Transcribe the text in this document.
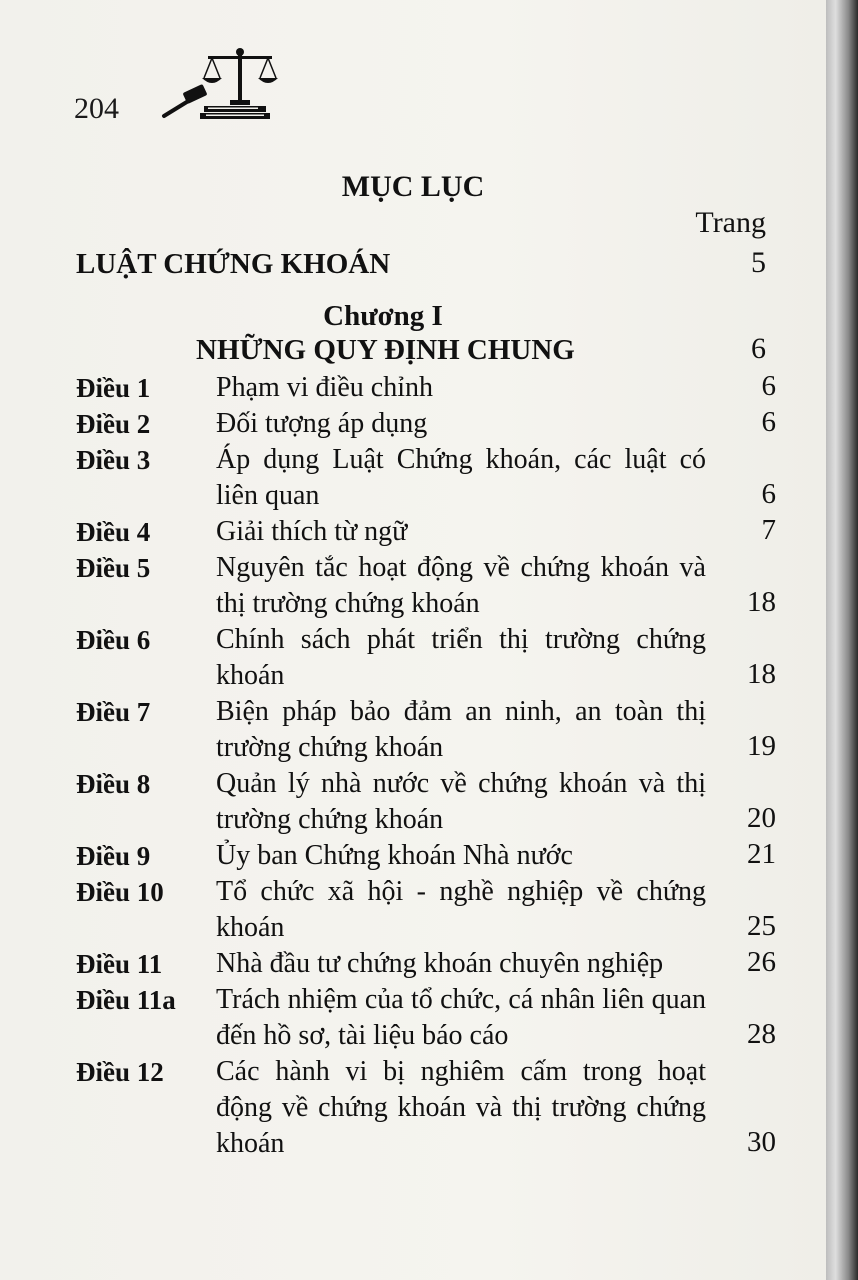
204
MỤC LỤC
Trang
LUẬT CHỨNG KHOÁN	5
Chương I
NHỮNG QUY ĐỊNH CHUNG	6
Điều 1	Phạm vi điều chỉnh	6
Điều 2	Đối tượng áp dụng	6
Điều 3	Áp dụng Luật Chứng khoán, các luật có liên quan	6
Điều 4	Giải thích từ ngữ	7
Điều 5	Nguyên tắc hoạt động về chứng khoán và thị trường chứng khoán	18
Điều 6	Chính sách phát triển thị trường chứng khoán	18
Điều 7	Biện pháp bảo đảm an ninh, an toàn thị trường chứng khoán	19
Điều 8	Quản lý nhà nước về chứng khoán và thị trường chứng khoán	20
Điều 9	Ủy ban Chứng khoán Nhà nước	21
Điều 10	Tổ chức xã hội - nghề nghiệp về chứng khoán	25
Điều 11	Nhà đầu tư chứng khoán chuyên nghiệp	26
Điều 11a	Trách nhiệm của tổ chức, cá nhân liên quan đến hồ sơ, tài liệu báo cáo	28
Điều 12	Các hành vi bị nghiêm cấm trong hoạt động về chứng khoán và thị trường chứng khoán	30
